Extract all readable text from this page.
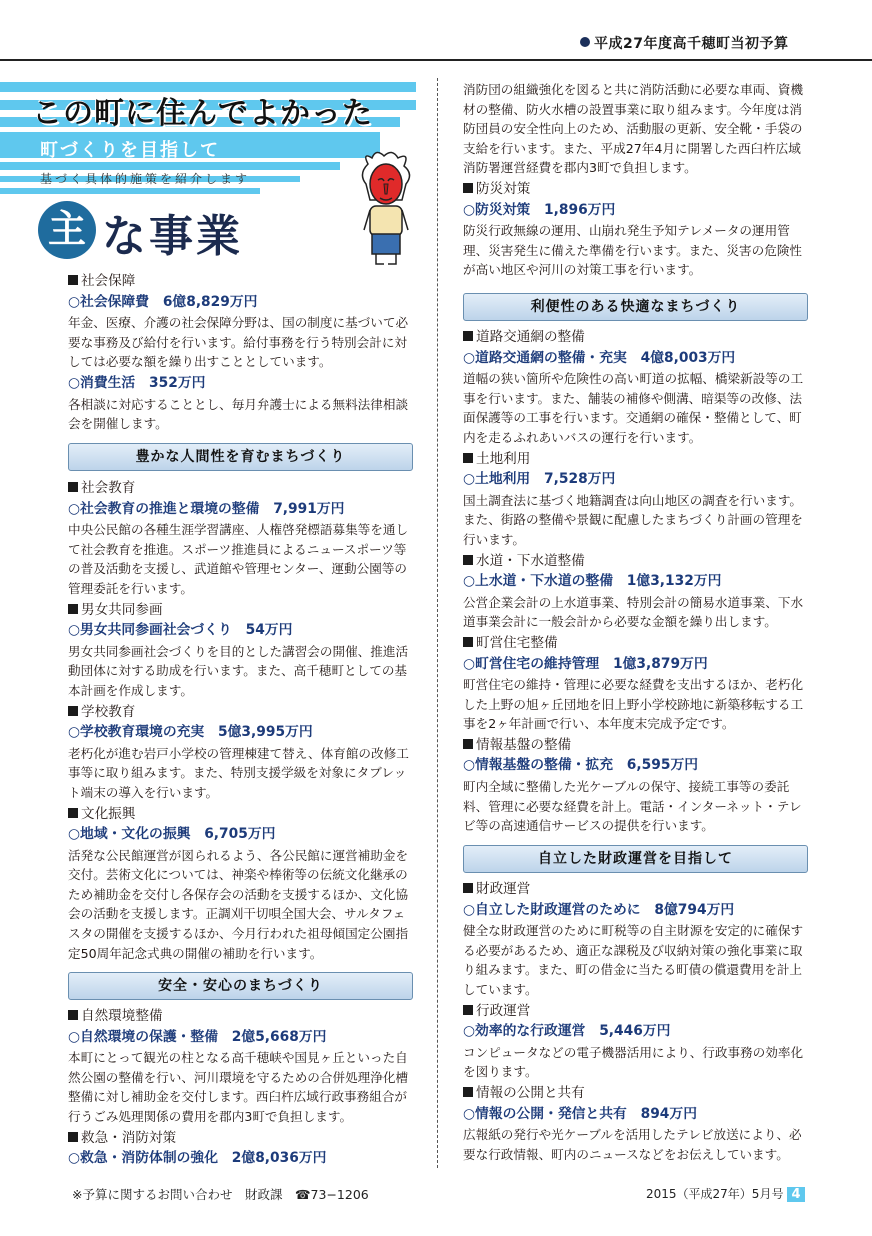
平成27年度高千穂町当初予算
この町に住んでよかった
町づくりを目指して
基づく具体的施策を紹介します
主 な事業
社会保障
○社会保障費　6億8,829万円
年金、医療、介護の社会保障分野は、国の制度に基づいて必要な事務及び給付を行います。給付事務を行う特別会計に対しては必要な額を繰り出すこととしています。
○消費生活　352万円
各相談に対応することとし、毎月弁護士による無料法律相談会を開催します。
豊かな人間性を育むまちづくり
社会教育
○社会教育の推進と環境の整備　7,991万円
中央公民館の各種生涯学習講座、人権啓発標語募集等を通して社会教育を推進。スポーツ推進員によるニュースポーツ等の普及活動を支援し、武道館や管理センター、運動公園等の管理委託を行います。
男女共同参画
○男女共同参画社会づくり　54万円
男女共同参画社会づくりを目的とした講習会の開催、推進活動団体に対する助成を行います。また、高千穂町としての基本計画を作成します。
学校教育
○学校教育環境の充実　5億3,995万円
老朽化が進む岩戸小学校の管理棟建て替え、体育館の改修工事等に取り組みます。また、特別支援学級を対象にタブレット端末の導入を行います。
文化振興
○地域・文化の振興　6,705万円
活発な公民館運営が図られるよう、各公民館に運営補助金を交付。芸術文化については、神楽や棒術等の伝統文化継承のため補助金を交付し各保存会の活動を支援するほか、文化協会の活動を支援します。正調刈干切唄全国大会、サルタフェスタの開催を支援するほか、今月行われた祖母傾国定公園指定50周年記念式典の開催の補助を行います。
安全・安心のまちづくり
自然環境整備
○自然環境の保護・整備　2億5,668万円
本町にとって観光の柱となる高千穂峡や国見ヶ丘といった自然公園の整備を行い、河川環境を守るための合併処理浄化槽整備に対し補助金を交付します。西臼杵広域行政事務組合が行うごみ処理関係の費用を郡内3町で負担します。
救急・消防対策
○救急・消防体制の強化　2億8,036万円
消防団の組織強化を図ると共に消防活動に必要な車両、資機材の整備、防火水槽の設置事業に取り組みます。今年度は消防団員の安全性向上のため、活動服の更新、安全靴・手袋の支給を行います。また、平成27年4月に開署した西臼杵広域消防署運営経費を郡内3町で負担します。
防災対策
○防災対策　1,896万円
防災行政無線の運用、山崩れ発生予知テレメータの運用管理、災害発生に備えた準備を行います。また、災害の危険性が高い地区や河川の対策工事を行います。
利便性のある快適なまちづくり
道路交通網の整備
○道路交通網の整備・充実　4億8,003万円
道幅の狭い箇所や危険性の高い町道の拡幅、橋梁新設等の工事を行います。また、舗装の補修や側溝、暗渠等の改修、法面保護等の工事を行います。交通網の確保・整備として、町内を走るふれあいバスの運行を行います。
土地利用
○土地利用　7,528万円
国土調査法に基づく地籍調査は向山地区の調査を行います。また、街路の整備や景観に配慮したまちづくり計画の管理を行います。
水道・下水道整備
○上水道・下水道の整備　1億3,132万円
公営企業会計の上水道事業、特別会計の簡易水道事業、下水道事業会計に一般会計から必要な金額を繰り出します。
町営住宅整備
○町営住宅の維持管理　1億3,879万円
町営住宅の維持・管理に必要な経費を支出するほか、老朽化した上野の旭ヶ丘団地を旧上野小学校跡地に新築移転する工事を2ヶ年計画で行い、本年度末完成予定です。
情報基盤の整備
○情報基盤の整備・拡充　6,595万円
町内全域に整備した光ケーブルの保守、接続工事等の委託料、管理に必要な経費を計上。電話・インターネット・テレビ等の高速通信サービスの提供を行います。
自立した財政運営を目指して
財政運営
○自立した財政運営のために　8億794万円
健全な財政運営のために町税等の自主財源を安定的に確保する必要があるため、適正な課税及び収納対策の強化事業に取り組みます。また、町の借金に当たる町債の償還費用を計上しています。
行政運営
○効率的な行政運営　5,446万円
コンピュータなどの電子機器活用により、行政事務の効率化を図ります。
情報の公開と共有
○情報の公開・発信と共有　894万円
広報紙の発行や光ケーブルを活用したテレビ放送により、必要な行政情報、町内のニュースなどをお伝えしています。
※予算に関するお問い合わせ　財政課　☎73−1206	2015（平成27年）5月号 4
